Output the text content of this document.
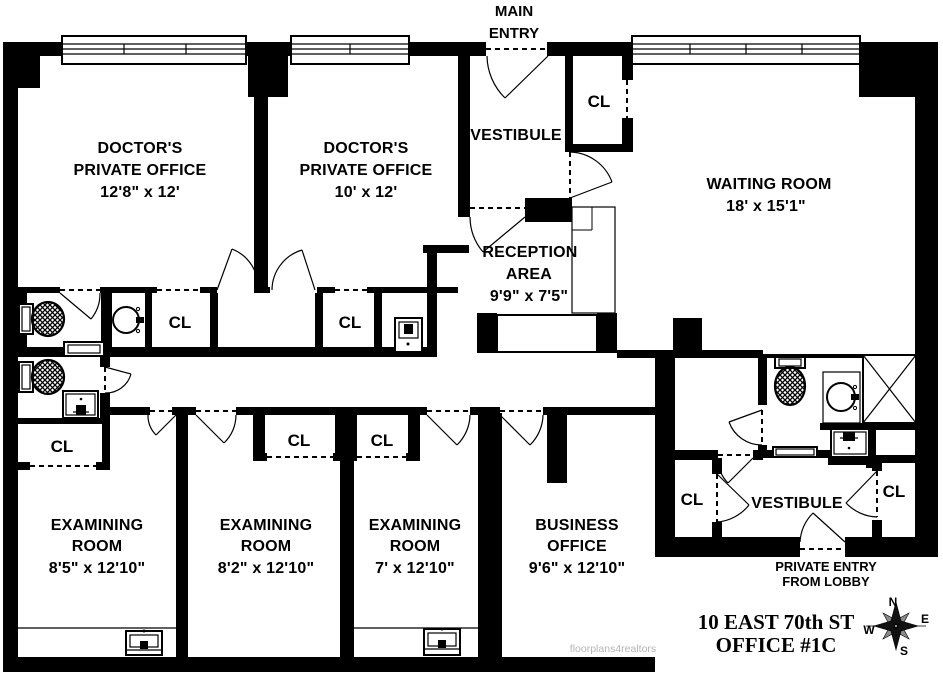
MAIN
ENTRY
DOCTOR'S
PRIVATE OFFICE
12'8" x 12'
DOCTOR'S
PRIVATE OFFICE
10' x 12'
VESTIBULE
CL
WAITING ROOM
18' x 15'1"
RECEPTION
AREA
9'9" x 7'5"
CL	CL
CL	CL	CL
EXAMINING
ROOM
8'5" x 12'10"
EXAMINING
ROOM
8'2" x 12'10"
EXAMINING
ROOM
7' x 12'10"
BUSINESS
OFFICE
9'6" x 12'10"
VESTIBULE
CL	CL
PRIVATE ENTRY
FROM LOBBY
10 EAST 70th ST
OFFICE #1C
floorplans4realtors
N
E
W
S
